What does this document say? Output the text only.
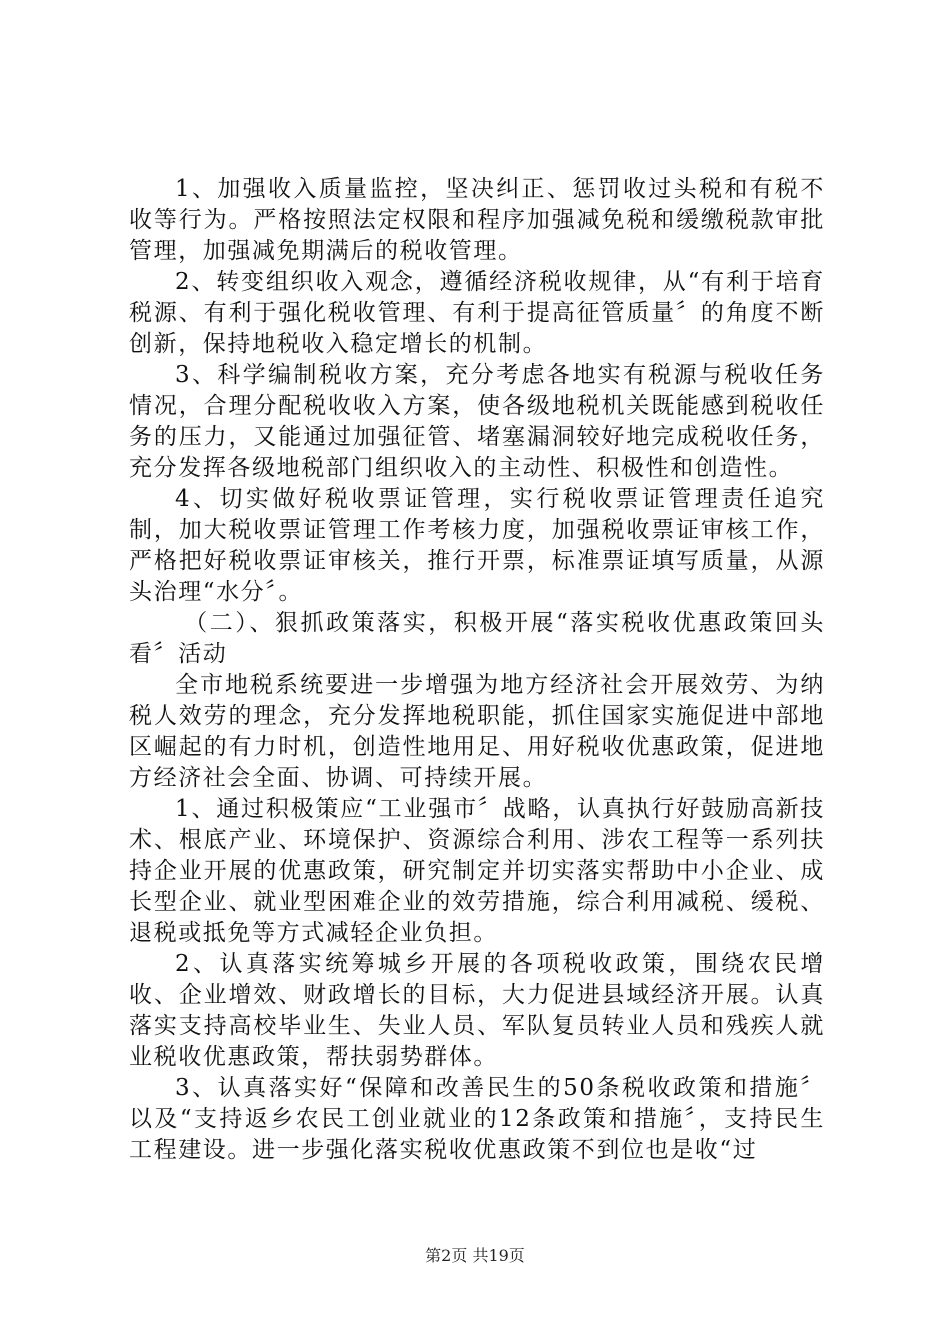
1、加强收入质量监控，坚决纠正、惩罚收过头税和有税不收等行为。严格按照法定权限和程序加强减免税和缓缴税款审批管理，加强减免期满后的税收管理。

2、转变组织收入观念，遵循经济税收规律，从“有利于培育税源、有利于强化税收管理、有利于提高征管质量〞的角度不断创新，保持地税收入稳定增长的机制。

3、科学编制税收方案，充分考虑各地实有税源与税收任务情况，合理分配税收收入方案，使各级地税机关既能感到税收任务的压力，又能通过加强征管、堵塞漏洞较好地完成税收任务，充分发挥各级地税部门组织收入的主动性、积极性和创造性。

4、切实做好税收票证管理，实行税收票证管理责任追究制，加大税收票证管理工作考核力度，加强税收票证审核工作，严格把好税收票证审核关，推行开票，标准票证填写质量，从源头治理“水分〞。

（二）、狠抓政策落实，积极开展“落实税收优惠政策回头看〞活动

全市地税系统要进一步增强为地方经济社会开展效劳、为纳税人效劳的理念，充分发挥地税职能，抓住国家实施促进中部地区崛起的有力时机，创造性地用足、用好税收优惠政策，促进地方经济社会全面、协调、可持续开展。

1、通过积极策应“工业强市〞战略，认真执行好鼓励高新技术、根底产业、环境保护、资源综合利用、涉农工程等一系列扶持企业开展的优惠政策，研究制定并切实落实帮助中小企业、成长型企业、就业型困难企业的效劳措施，综合利用减税、缓税、退税或抵免等方式减轻企业负担。

2、认真落实统筹城乡开展的各项税收政策，围绕农民增收、企业增效、财政增长的目标，大力促进县域经济开展。认真落实支持高校毕业生、失业人员、军队复员转业人员和残疾人就业税收优惠政策，帮扶弱势群体。

3、认真落实好“保障和改善民生的50条税收政策和措施〞以及“支持返乡农民工创业就业的12条政策和措施〞，支持民生工程建设。进一步强化落实税收优惠政策不到位也是收“过

第2页 共19页
